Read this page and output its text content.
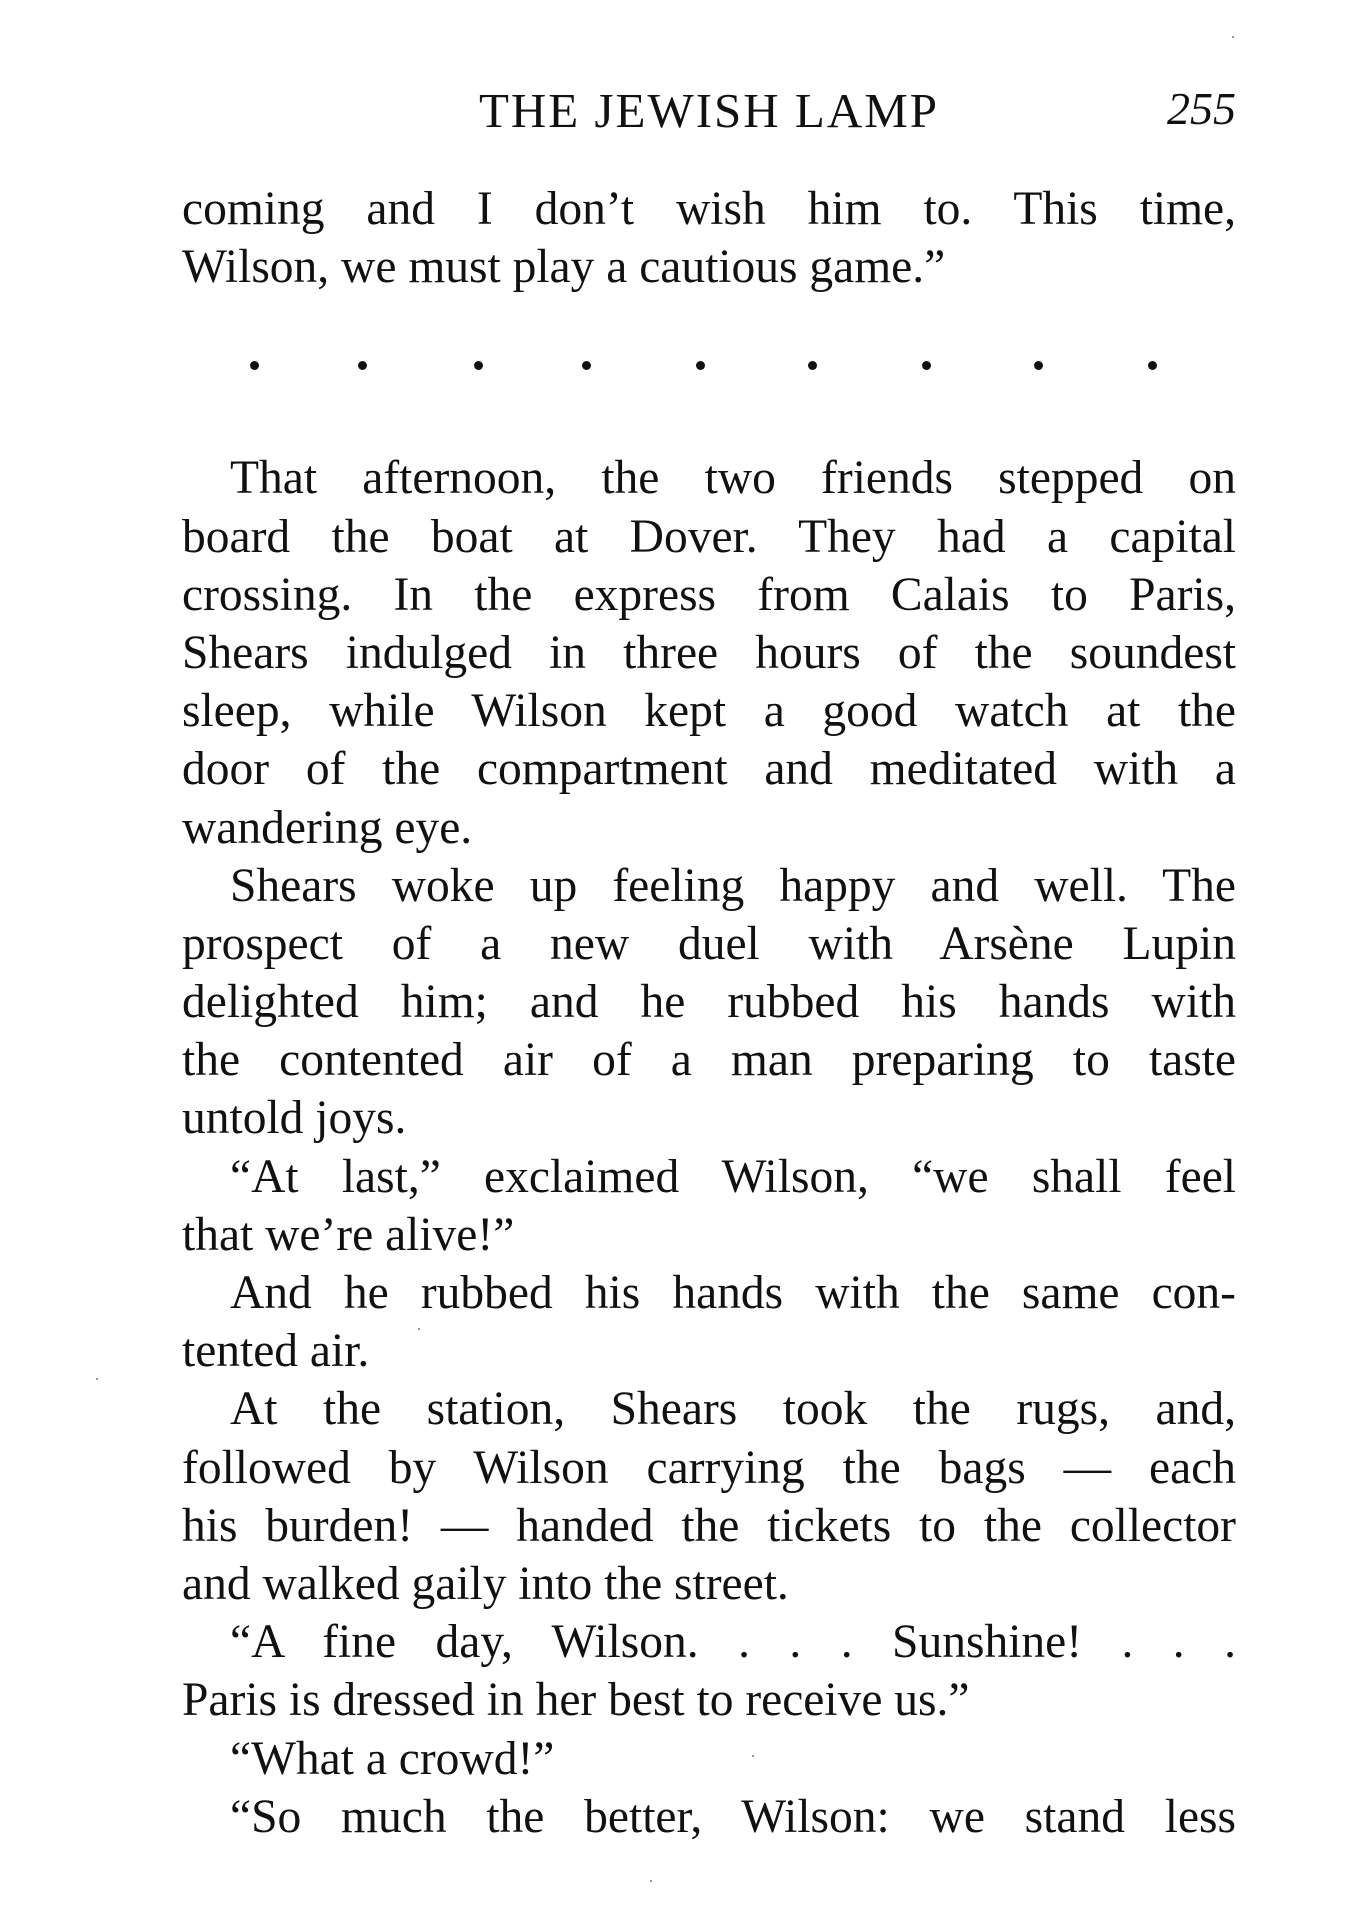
THE JEWISH LAMP	255
coming and I don’t wish him to. This time,
Wilson, we must play a cautious game.”
That afternoon, the two friends stepped on
board the boat at Dover. They had a capital
crossing. In the express from Calais to Paris,
Shears indulged in three hours of the soundest
sleep, while Wilson kept a good watch at the
door of the compartment and meditated with a
wandering eye.
Shears woke up feeling happy and well. The
prospect of a new duel with Arsène Lupin
delighted him; and he rubbed his hands with
the contented air of a man preparing to taste
untold joys.
“At last,” exclaimed Wilson, “we shall feel
that we’re alive!”
And he rubbed his hands with the same con-
tented air.
At the station, Shears took the rugs, and,
followed by Wilson carrying the bags — each
his burden! — handed the tickets to the collector
and walked gaily into the street.
“A fine day, Wilson. . . . Sunshine! . . .
Paris is dressed in her best to receive us.”
“What a crowd!”
“So much the better, Wilson: we stand less
